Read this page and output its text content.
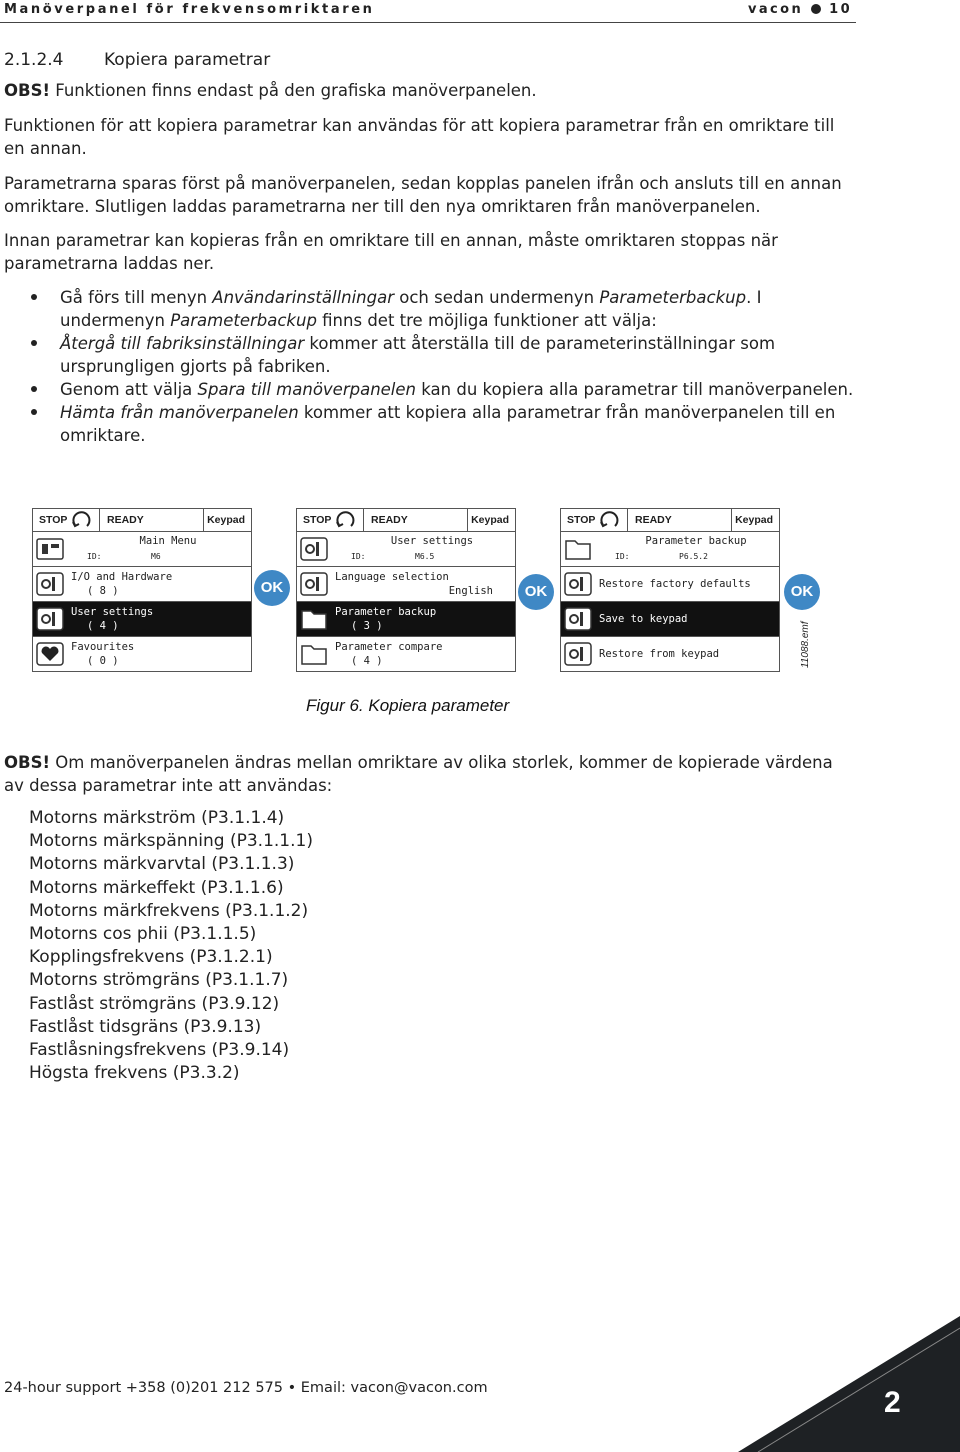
Manöverpanel för frekvensomriktaren	vacon 10
2.1.2.4 Kopiera parametrar
OBS! Funktionen finns endast på den grafiska manöverpanelen.
Funktionen för att kopiera parametrar kan användas för att kopiera parametrar från en omriktare till en annan.
Parametrarna sparas först på manöverpanelen, sedan kopplas panelen ifrån och ansluts till en annan omriktare. Slutligen laddas parametrarna ner till den nya omriktaren från manöverpanelen.
Innan parametrar kan kopieras från en omriktare till en annan, måste omriktaren stoppas när parametrarna laddas ner.
Gå förs till menyn Användarinställningar och sedan undermenyn Parameterbackup. I undermenyn Parameterbackup finns det tre möjliga funktioner att välja:
Återgå till fabriksinställningar kommer att återställa till de parameterinställningar som ursprungligen gjorts på fabriken.
Genom att välja Spara till manöverpanelen kan du kopiera alla parametrar till manöverpanelen.
Hämta från manöverpanelen kommer att kopiera alla parametrar från manöverpanelen till en omriktare.
STOP	READY	Keypad
Main Menu
ID:	M6
I/O and Hardware
( 8 )
User settings
( 4 )
Favourites
( 0 )
OK
STOP	READY	Keypad
User settings
ID:	M6.5
Language selection
English
Parameter backup
( 3 )
Parameter compare
( 4 )
OK
STOP	READY	Keypad
Parameter backup
ID:	P6.5.2
Restore factory defaults
Save to keypad
Restore from keypad
OK
11088.emf
Figur 6. Kopiera parameter
OBS! Om manöverpanelen ändras mellan omriktare av olika storlek, kommer de kopierade värdena av dessa parametrar inte att användas:
Motorns märkström (P3.1.1.4)
Motorns märkspänning (P3.1.1.1)
Motorns märkvarvtal (P3.1.1.3)
Motorns märkeffekt (P3.1.1.6)
Motorns märkfrekvens (P3.1.1.2)
Motorns cos phii (P3.1.1.5)
Kopplingsfrekvens (P3.1.2.1)
Motorns strömgräns (P3.1.1.7)
Fastlåst strömgräns (P3.9.12)
Fastlåst tidsgräns (P3.9.13)
Fastlåsningsfrekvens (P3.9.14)
Högsta frekvens (P3.3.2)
24-hour support +358 (0)201 212 575 • Email: vacon@vacon.com	2
